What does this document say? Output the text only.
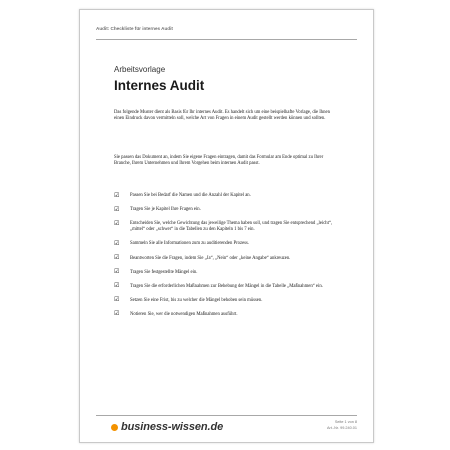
Audit: Checkliste für internes Audit
Arbeitsvorlage
Internes Audit

Das folgende Muster dient als Basis für Ihr internes Audit. Es handelt sich um eine beispielhafte Vorlage, die Ihnen einen Eindruck davon vermitteln soll, welche Art von Fragen in einem Audit gestellt werden können und sollten.

Sie passen das Dokument an, indem Sie eigene Fragen eintragen, damit das Formular am Ende optimal zu Ihrer Branche, Ihrem Unternehmen und Ihrem Vorgehen beim internen Audit passt.

☑ Passen Sie bei Bedarf die Namen und die Anzahl der Kapitel an.
☑ Tragen Sie je Kapitel Ihre Fragen ein.
☑ Entscheiden Sie, welche Gewichtung das jeweilige Thema haben soll, und tragen Sie entsprechend „leicht“, „mittel“ oder „schwer“ in die Tabellen zu den Kapiteln 1 bis 7 ein.
☑ Sammeln Sie alle Informationen zum zu auditierenden Prozess.
☑ Beantworten Sie die Fragen, indem Sie „Ja“, „Nein“ oder „keine Angabe“ ankreuzen.
☑ Tragen Sie festgestellte Mängel ein.
☑ Tragen Sie die erforderlichen Maßnahmen zur Behebung der Mängel in die Tabelle „Maßnahmen“ ein.
☑ Setzen Sie eine Frist, bis zu welcher die Mängel behoben sein müssen.
☑ Notieren Sie, wer die notwendigen Maßnahmen ausführt.
business-wissen.de	Seite 1 von 8
Art.-Nr. 99.240.01
